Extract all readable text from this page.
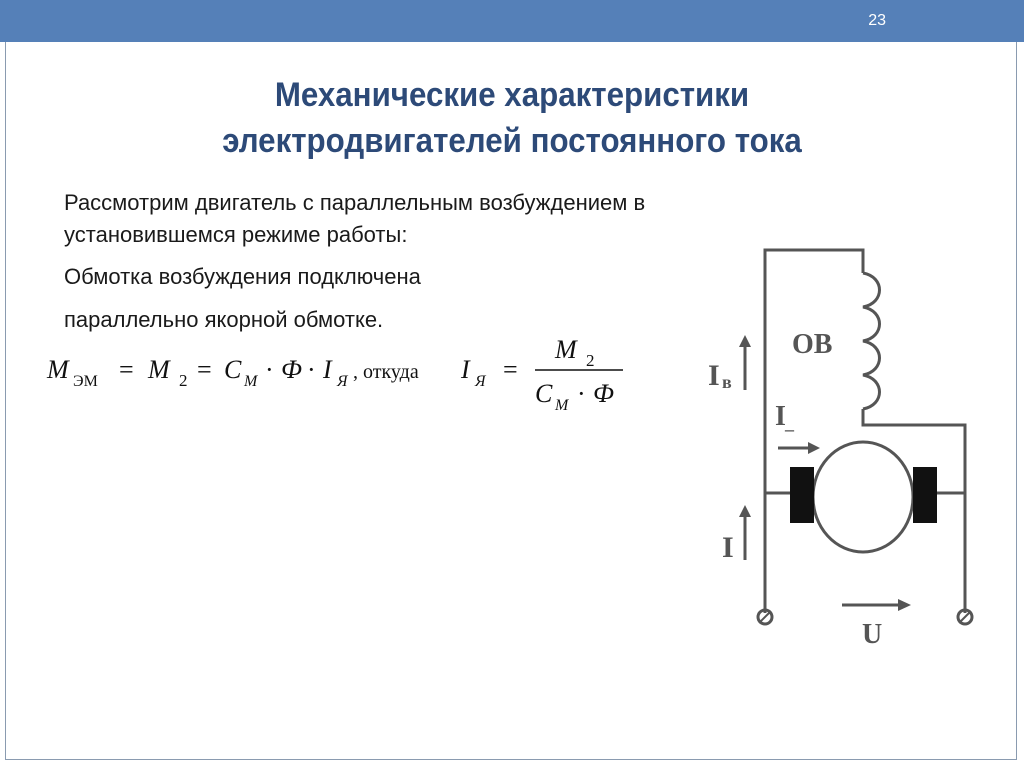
23
Механические характеристики
электродвигателей постоянного тока
Рассмотрим двигатель с параллельным возбуждением в
установившемся режиме работы:
Обмотка возбуждения подключена
параллельно якорной обмотке.
M ЭМ = M 2 = C M · Ф · I Я , откуда I Я =
M 2
C M · Ф
ОВ
I в
I _
I
U
